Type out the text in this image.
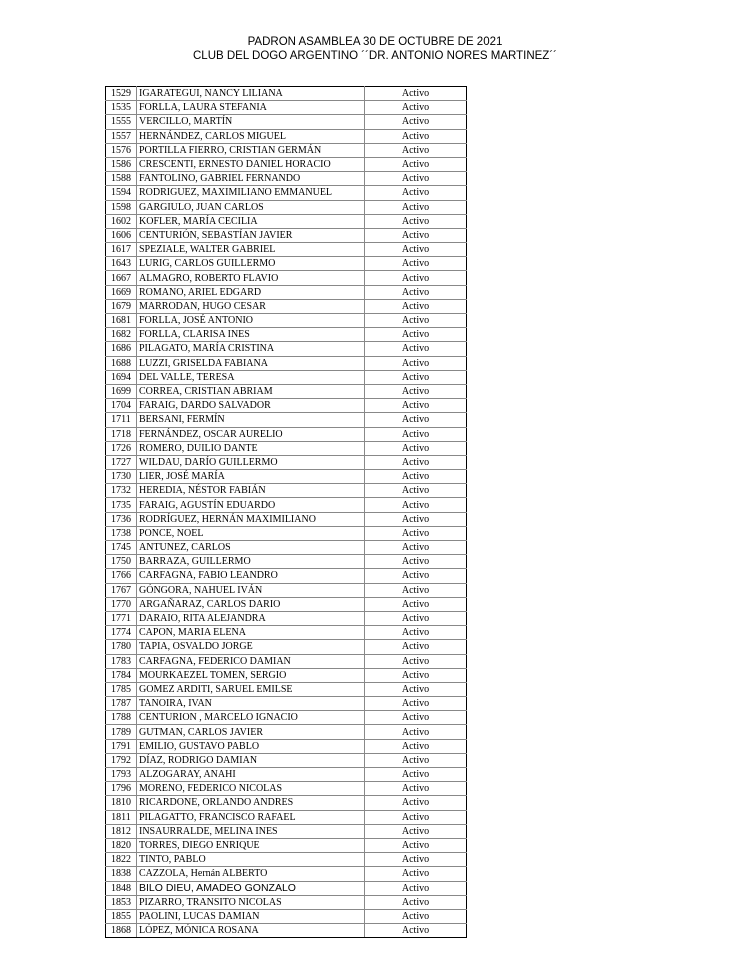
PADRON ASAMBLEA 30 DE OCTUBRE DE 2021
CLUB DEL DOGO ARGENTINO ´´DR. ANTONIO NORES MARTINEZ´´
1529	IGARATEGUI, NANCY LILIANA	Activo
1535	FORLLA, LAURA STEFANIA	Activo
1555	VERCILLO, MARTÍN	Activo
1557	HERNÁNDEZ, CARLOS MIGUEL	Activo
1576	PORTILLA FIERRO, CRISTIAN GERMÁN	Activo
1586	CRESCENTI, ERNESTO DANIEL HORACIO	Activo
1588	FANTOLINO, GABRIEL FERNANDO	Activo
1594	RODRIGUEZ, MAXIMILIANO EMMANUEL	Activo
1598	GARGIULO, JUAN CARLOS	Activo
1602	KOFLER, MARÍA CECILIA	Activo
1606	CENTURIÓN, SEBASTÍAN JAVIER	Activo
1617	SPEZIALE, WALTER GABRIEL	Activo
1643	LURIG, CARLOS GUILLERMO	Activo
1667	ALMAGRO, ROBERTO FLAVIO	Activo
1669	ROMANO, ARIEL EDGARD	Activo
1679	MARRODAN, HUGO CESAR	Activo
1681	FORLLA, JOSÉ ANTONIO	Activo
1682	FORLLA, CLARISA INES	Activo
1686	PILAGATO, MARÍA CRISTINA	Activo
1688	LUZZI, GRISELDA FABIANA	Activo
1694	DEL VALLE, TERESA	Activo
1699	CORREA, CRISTIAN ABRIAM	Activo
1704	FARAIG, DARDO SALVADOR	Activo
1711	BERSANI, FERMÍN	Activo
1718	FERNÁNDEZ, OSCAR AURELIO	Activo
1726	ROMERO, DUILIO DANTE	Activo
1727	WILDAU, DARÍO GUILLERMO	Activo
1730	LIER, JOSÉ MARÍA	Activo
1732	HEREDIA, NÉSTOR FABIÁN	Activo
1735	FARAIG, AGUSTÍN EDUARDO	Activo
1736	RODRÍGUEZ, HERNÁN MAXIMILIANO	Activo
1738	PONCE, NOEL	Activo
1745	ANTUNEZ, CARLOS	Activo
1750	BARRAZA, GUILLERMO	Activo
1766	CARFAGNA, FABIO LEANDRO	Activo
1767	GÓNGORA, NAHUEL IVÁN	Activo
1770	ARGAÑARAZ, CARLOS DARIO	Activo
1771	DARAIO, RITA ALEJANDRA	Activo
1774	CAPON, MARIA ELENA	Activo
1780	TAPIA, OSVALDO JORGE	Activo
1783	CARFAGNA, FEDERICO DAMIAN	Activo
1784	MOURKAEZEL TOMEN, SERGIO	Activo
1785	GOMEZ ARDITI, SARUEL EMILSE	Activo
1787	TANOIRA, IVAN	Activo
1788	CENTURION , MARCELO IGNACIO	Activo
1789	GUTMAN, CARLOS JAVIER	Activo
1791	EMILIO, GUSTAVO PABLO	Activo
1792	DÍAZ, RODRIGO DAMIAN	Activo
1793	ALZOGARAY, ANAHI	Activo
1796	MORENO, FEDERICO NICOLAS	Activo
1810	RICARDONE, ORLANDO ANDRES	Activo
1811	PILAGATTO, FRANCISCO RAFAEL	Activo
1812	INSAURRALDE, MELINA INES	Activo
1820	TORRES, DIEGO ENRIQUE	Activo
1822	TINTO, PABLO	Activo
1838	CAZZOLA, Hernán ALBERTO	Activo
1848	BILO DIEU, AMADEO GONZALO	Activo
1853	PIZARRO, TRANSITO NICOLAS	Activo
1855	PAOLINI, LUCAS DAMIAN	Activo
1868	LÓPEZ, MÓNICA ROSANA	Activo
